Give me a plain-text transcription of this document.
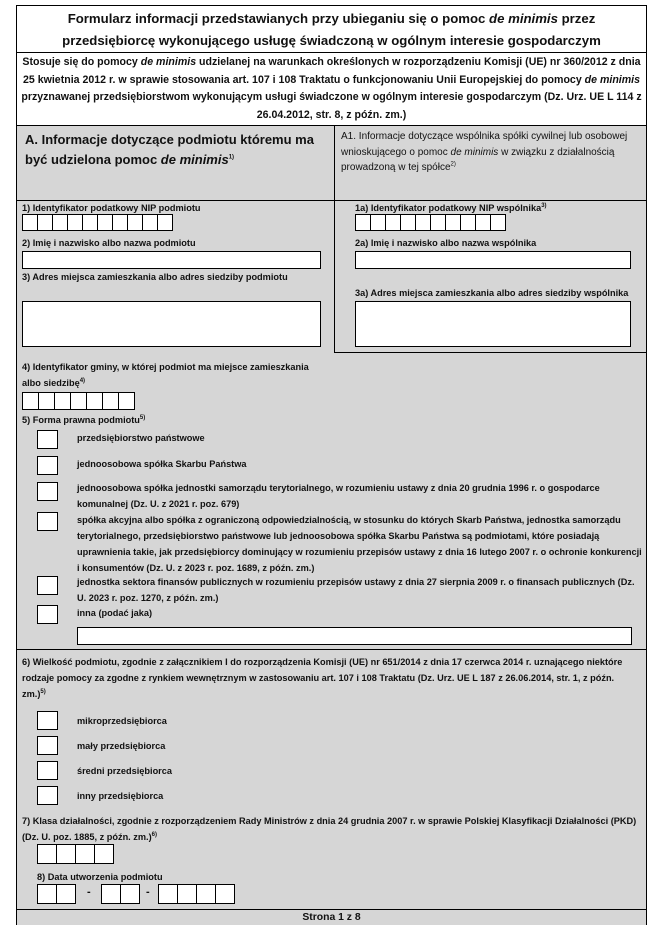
Formularz informacji przedstawianych przy ubieganiu się o pomoc de minimis przez
przedsiębiorcę wykonującego usługę świadczoną w ogólnym interesie gospodarczym
Stosuje się do pomocy de minimis udzielanej na warunkach określonych w rozporządzeniu Komisji (UE) nr 360/2012 z dnia 25 kwietnia 2012 r. w sprawie stosowania art. 107 i 108 Traktatu o funkcjonowaniu Unii Europejskiej do pomocy de minimis przyznawanej przedsiębiorstwom wykonującym usługi świadczone w ogólnym interesie gospodarczym (Dz. Urz. UE L 114 z 26.04.2012, str. 8, z późn. zm.)
A. Informacje dotyczące podmiotu któremu ma być udzielona pomoc de minimis$^{1)}$
A1. Informacje dotyczące wspólnika spółki cywilnej lub osobowej wnioskującego o pomoc de minimis w związku z działalnością prowadzoną w tej spółce$^{2)}$
1) Identyfikator podatkowy NIP podmiotu	1a) Identyfikator podatkowy NIP wspólnika$^{3)}$
2) Imię i nazwisko albo nazwa podmiotu	2a) Imię i nazwisko albo nazwa wspólnika
3) Adres miejsca zamieszkania albo adres siedziby podmiotu
3a) Adres miejsca zamieszkania albo adres siedziby wspólnika
4) Identyfikator gminy, w której podmiot ma miejsce zamieszkania albo siedzibę$^{4)}$
5) Forma prawna podmiotu$^{5)}$
przedsiębiorstwo państwowe
jednoosobowa spółka Skarbu Państwa
jednoosobowa spółka jednostki samorządu terytorialnego, w rozumieniu ustawy z dnia 20 grudnia 1996 r. o gospodarce komunalnej (Dz. U. z 2021 r. poz. 679)
spółka akcyjna albo spółka z ograniczoną odpowiedzialnością, w stosunku do których Skarb Państwa, jednostka samorządu terytorialnego, przedsiębiorstwo państwowe lub jednoosobowa spółka Skarbu Państwa są podmiotami, które posiadają uprawnienia takie, jak przedsiębiorcy dominujący w rozumieniu przepisów ustawy z dnia 16 lutego 2007 r. o ochronie konkurencji i konsumentów (Dz. U. z 2023 r. poz. 1689, z późn. zm.)
jednostka sektora finansów publicznych w rozumieniu przepisów ustawy z dnia 27 sierpnia 2009 r. o finansach publicznych (Dz. U. 2023 r. poz. 1270, z późn. zm.)
inna (podać jaka)
6) Wielkość podmiotu, zgodnie z załącznikiem I do rozporządzenia Komisji (UE) nr 651/2014 z dnia 17 czerwca 2014 r. uznającego niektóre rodzaje pomocy za zgodne z rynkiem wewnętrznym w zastosowaniu art. 107 i 108 Traktatu (Dz. Urz. UE L 187 z 26.06.2014, str. 1, z późn. zm.)$^{5)}$
mikroprzedsiębiorca
mały przedsiębiorca
średni przedsiębiorca
inny przedsiębiorca
7) Klasa działalności, zgodnie z rozporządzeniem Rady Ministrów z dnia 24 grudnia 2007 r. w sprawie Polskiej Klasyfikacji Działalności (PKD) (Dz. U. poz. 1885, z późn. zm.)$^{6)}$
8) Data utworzenia podmiotu
-	-
Strona 1 z 8
